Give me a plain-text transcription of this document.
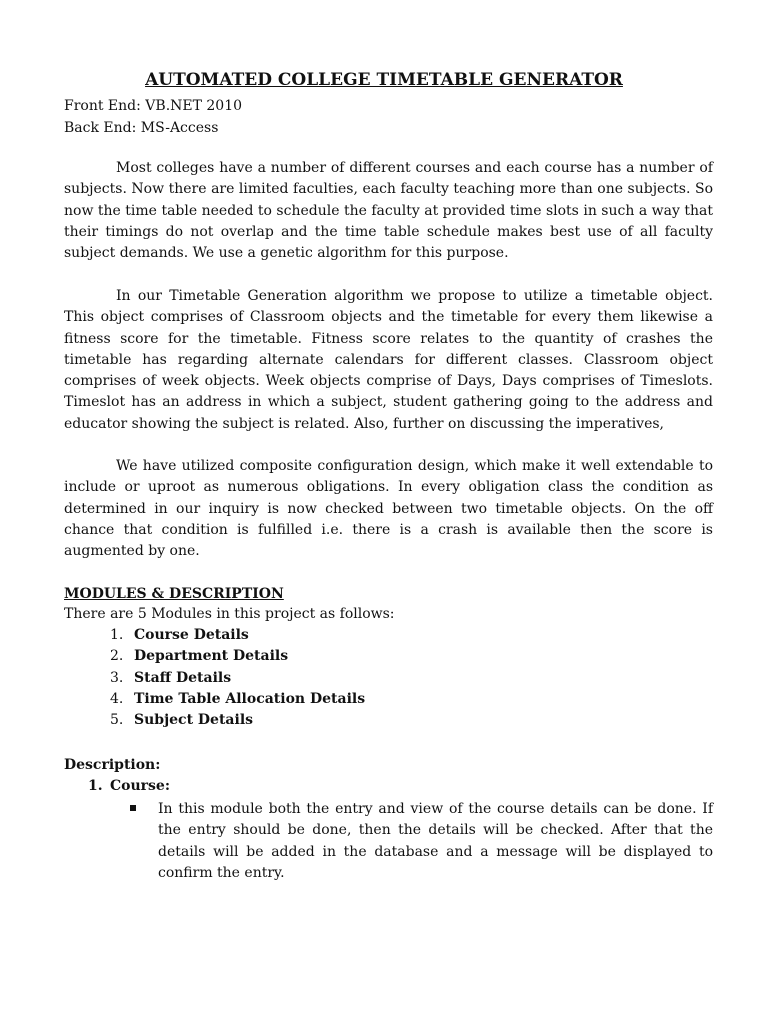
AUTOMATED COLLEGE TIMETABLE GENERATOR
Front End: VB.NET 2010
Back End: MS-Access

Most colleges have a number of different courses and each course has a number of subjects. Now there are limited faculties, each faculty teaching more than one subjects. So now the time table needed to schedule the faculty at provided time slots in such a way that their timings do not overlap and the time table schedule makes best use of all faculty subject demands. We use a genetic algorithm for this purpose.

In our Timetable Generation algorithm we propose to utilize a timetable object. This object comprises of Classroom objects and the timetable for every them likewise a fitness score for the timetable. Fitness score relates to the quantity of crashes the timetable has regarding alternate calendars for different classes. Classroom object comprises of week objects. Week objects comprise of Days, Days comprises of Timeslots. Timeslot has an address in which a subject, student gathering going to the address and educator showing the subject is related. Also, further on discussing the imperatives,

We have utilized composite configuration design, which make it well extendable to include or uproot as numerous obligations. In every obligation class the condition as determined in our inquiry is now checked between two timetable objects. On the off chance that condition is fulfilled i.e. there is a crash is available then the score is augmented by one.

MODULES & DESCRIPTION
There are 5 Modules in this project as follows:
1. Course Details
2. Department Details
3. Staff Details
4. Time Table Allocation Details
5. Subject Details
Description:
1. Course:

In this module both the entry and view of the course details can be done. If the entry should be done, then the details will be checked. After that the details will be added in the database and a message will be displayed to confirm the entry.
